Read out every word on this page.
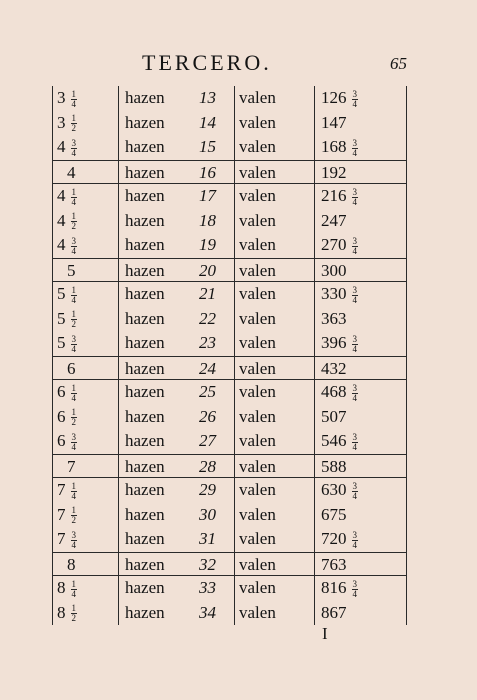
TERCERO.	65
$3 \frac{1}{4}$	hazen	13	valen	$126 \frac{3}{4}$
$3 \frac{1}{2}$	hazen	14	valen	147
$4 \frac{3}{4}$	hazen	15	valen	$168 \frac{3}{4}$
4	hazen	16	valen	192
$4 \frac{1}{4}$	hazen	17	valen	$216 \frac{3}{4}$
$4 \frac{1}{2}$	hazen	18	valen	247
$4 \frac{3}{4}$	hazen	19	valen	$270 \frac{3}{4}$
5	hazen	20	valen	300
$5 \frac{1}{4}$	hazen	21	valen	$330 \frac{3}{4}$
$5 \frac{1}{2}$	hazen	22	valen	363
$5 \frac{3}{4}$	hazen	23	valen	$396 \frac{3}{4}$
6	hazen	24	valen	432
$6 \frac{1}{4}$	hazen	25	valen	$468 \frac{3}{4}$
$6 \frac{1}{2}$	hazen	26	valen	507
$6 \frac{3}{4}$	hazen	27	valen	$546 \frac{3}{4}$
7	hazen	28	valen	588
$7 \frac{1}{4}$	hazen	29	valen	$630 \frac{3}{4}$
$7 \frac{1}{2}$	hazen	30	valen	675
$7 \frac{3}{4}$	hazen	31	valen	$720 \frac{3}{4}$
8	hazen	32	valen	763
$8 \frac{1}{4}$	hazen	33	valen	$816 \frac{3}{4}$
$8 \frac{1}{2}$	hazen	34	valen	867
I
